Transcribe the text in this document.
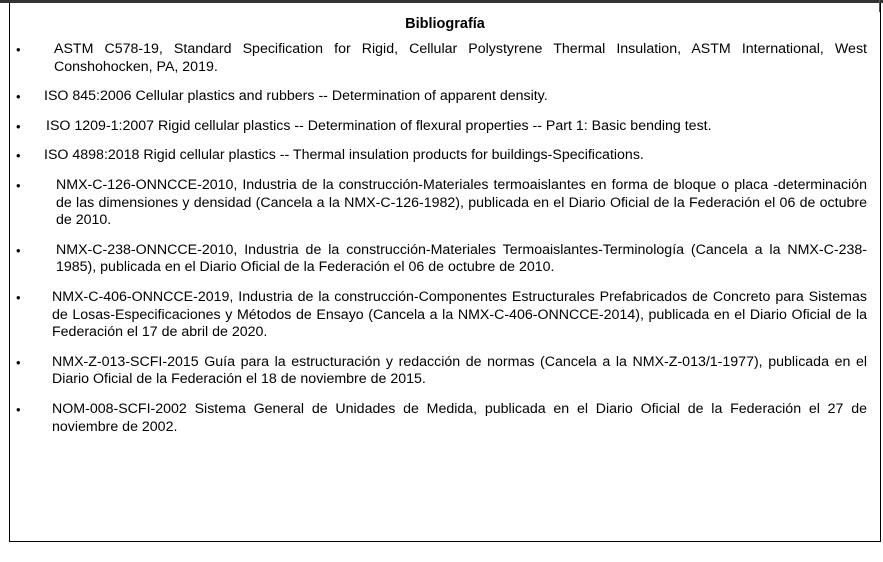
Bibliografía
• ASTM C578-19, Standard Specification for Rigid, Cellular Polystyrene Thermal Insulation, ASTM International, West Conshohocken, PA, 2019.
• ISO 845:2006 Cellular plastics and rubbers -- Determination of apparent density.
• ISO 1209-1:2007 Rigid cellular plastics -- Determination of flexural properties -- Part 1: Basic bending test.
• ISO 4898:2018 Rigid cellular plastics -- Thermal insulation products for buildings-Specifications.
• NMX-C-126-ONNCCE-2010, Industria de la construcción-Materiales termoaislantes en forma de bloque o placa -determinación de las dimensiones y densidad (Cancela a la NMX-C-126-1982), publicada en el Diario Oficial de la Federación el 06 de octubre de 2010.
• NMX-C-238-ONNCCE-2010, Industria de la construcción-Materiales Termoaislantes-Terminología (Cancela a la NMX-C-238-1985), publicada en el Diario Oficial de la Federación el 06 de octubre de 2010.
• NMX-C-406-ONNCCE-2019, Industria de la construcción-Componentes Estructurales Prefabricados de Concreto para Sistemas de Losas-Especificaciones y Métodos de Ensayo (Cancela a la NMX-C-406-ONNCCE-2014), publicada en el Diario Oficial de la Federación el 17 de abril de 2020.
• NMX-Z-013-SCFI-2015 Guía para la estructuración y redacción de normas (Cancela a la NMX-Z-013/1-1977), publicada en el Diario Oficial de la Federación el 18 de noviembre de 2015.
• NOM-008-SCFI-2002 Sistema General de Unidades de Medida, publicada en el Diario Oficial de la Federación el 27 de noviembre de 2002.
